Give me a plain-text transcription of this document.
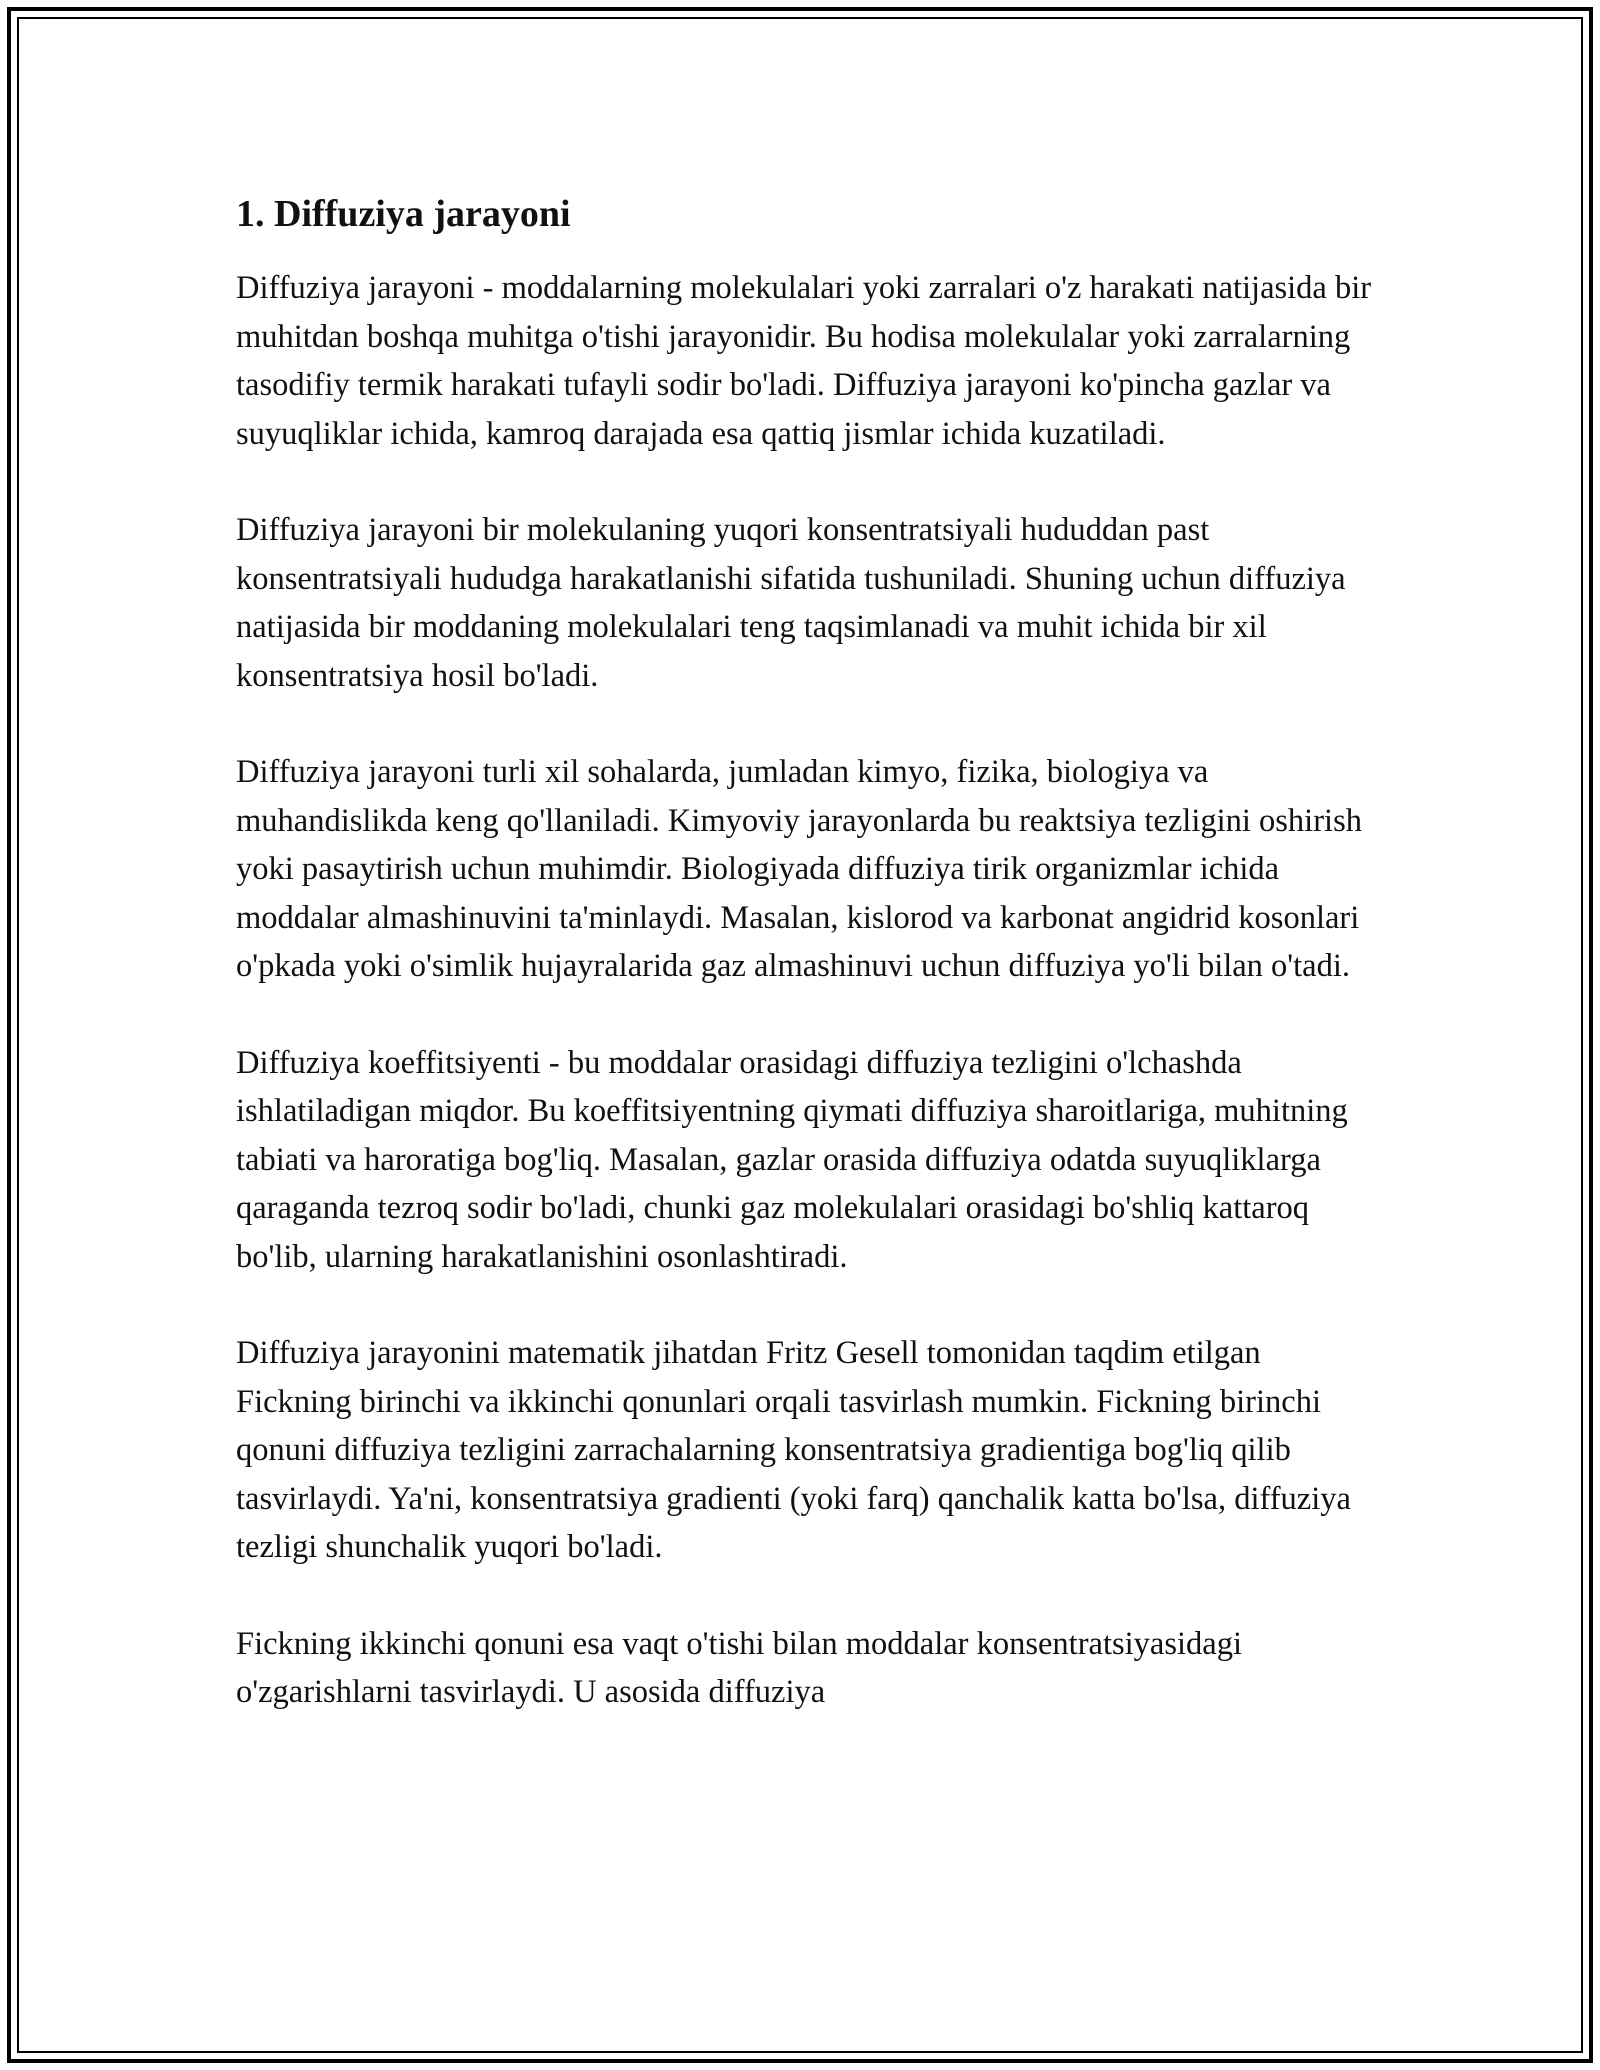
1. Diffuziya jarayoni

Diffuziya jarayoni - moddalarning molekulalari yoki zarralari o'z harakati natijasida bir muhitdan boshqa muhitga o'tishi jarayonidir. Bu hodisa molekulalar yoki zarralarning tasodifiy termik harakati tufayli sodir bo'ladi. Diffuziya jarayoni ko'pincha gazlar va suyuqliklar ichida, kamroq darajada esa qattiq jismlar ichida kuzatiladi.

Diffuziya jarayoni bir molekulaning yuqori konsentratsiyali hududdan past konsentratsiyali hududga harakatlanishi sifatida tushuniladi. Shuning uchun diffuziya natijasida bir moddaning molekulalari teng taqsimlanadi va muhit ichida bir xil konsentratsiya hosil bo'ladi.

Diffuziya jarayoni turli xil sohalarda, jumladan kimyo, fizika, biologiya va muhandislikda keng qo'llaniladi. Kimyoviy jarayonlarda bu reaktsiya tezligini oshirish yoki pasaytirish uchun muhimdir. Biologiyada diffuziya tirik organizmlar ichida moddalar almashinuvini ta'minlaydi. Masalan, kislorod va karbonat angidrid kosonlari o'pkada yoki o'simlik hujayralarida gaz almashinuvi uchun diffuziya yo'li bilan o'tadi.

Diffuziya koeffitsiyenti - bu moddalar orasidagi diffuziya tezligini o'lchashda ishlatiladigan miqdor. Bu koeffitsiyentning qiymati diffuziya sharoitlariga, muhitning tabiati va haroratiga bog'liq. Masalan, gazlar orasida diffuziya odatda suyuqliklarga qaraganda tezroq sodir bo'ladi, chunki gaz molekulalari orasidagi bo'shliq kattaroq bo'lib, ularning harakatlanishini osonlashtiradi.

Diffuziya jarayonini matematik jihatdan Fritz Gesell tomonidan taqdim etilgan Fickning birinchi va ikkinchi qonunlari orqali tasvirlash mumkin. Fickning birinchi qonuni diffuziya tezligini zarrachalarning konsentratsiya gradientiga bog'liq qilib tasvirlaydi. Ya'ni, konsentratsiya gradienti (yoki farq) qanchalik katta bo'lsa, diffuziya tezligi shunchalik yuqori bo'ladi.

Fickning ikkinchi qonuni esa vaqt o'tishi bilan moddalar konsentratsiyasidagi o'zgarishlarni tasvirlaydi. U asosida diffuziya
